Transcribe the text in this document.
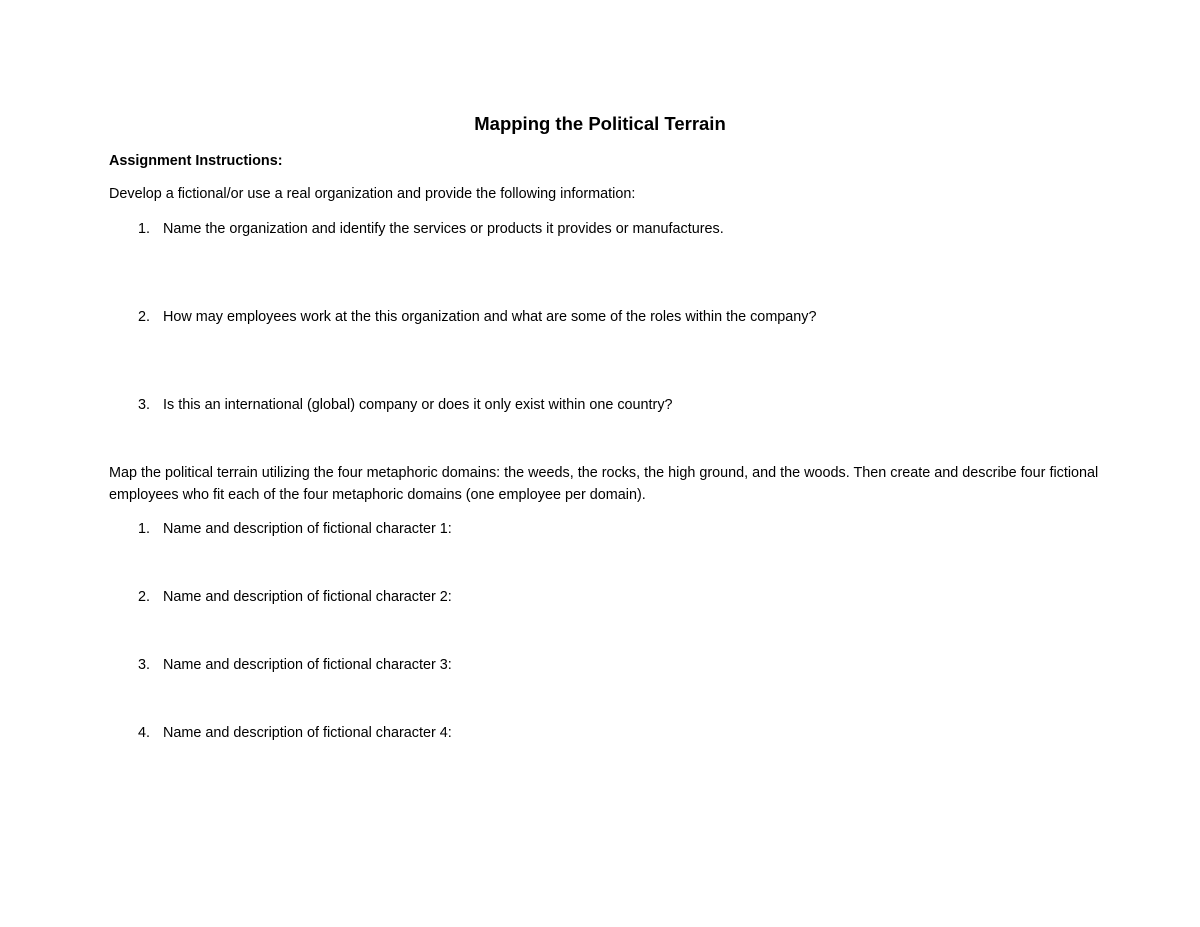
Mapping the Political Terrain
Assignment Instructions:
Develop a fictional/or use a real organization and provide the following information:
1. Name the organization and identify the services or products it provides or manufactures.
2. How may employees work at the this organization and what are some of the roles within the company?
3. Is this an international (global) company or does it only exist within one country?
Map the political terrain utilizing the four metaphoric domains: the weeds, the rocks, the high ground, and the woods. Then create and describe four fictional employees who fit each of the four metaphoric domains (one employee per domain).
1. Name and description of fictional character 1:
2. Name and description of fictional character 2:
3. Name and description of fictional character 3:
4. Name and description of fictional character 4:
